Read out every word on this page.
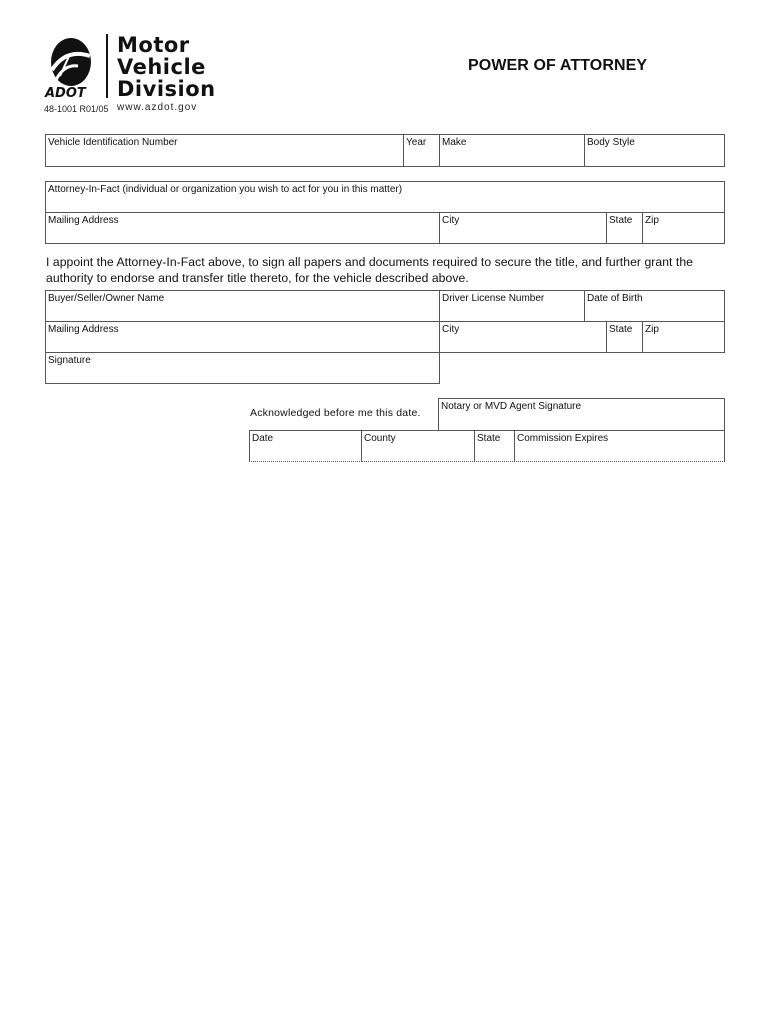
ADOT
Motor
Vehicle
Division
48-1001 R01/05 www.azdot.gov
POWER OF ATTORNEY
Vehicle Identification Number	Year Make	Body Style
Attorney-In-Fact (individual or organization you wish to act for you in this matter)
Mailing Address	City	State Zip
I appoint the Attorney-In-Fact above, to sign all papers and documents required to secure the title, and further grant the authority to endorse and transfer title thereto, for the vehicle described above.
Buyer/Seller/Owner Name	Driver License Number	Date of Birth
Mailing Address	City	State Zip
Signature
Acknowledged before me this date.
Notary or MVD Agent Signature
Date	County	State Commission Expires
